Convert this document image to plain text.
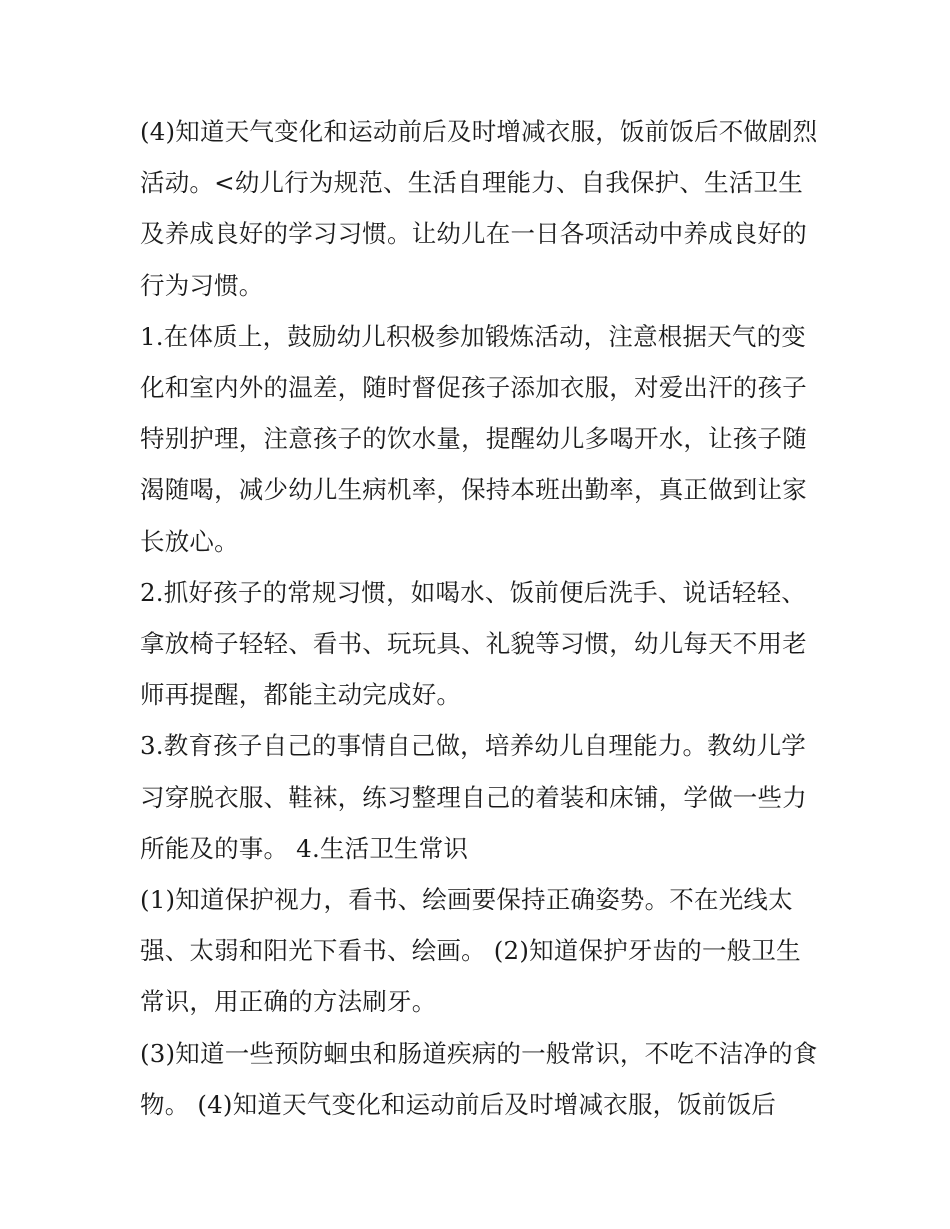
(4)知道天气变化和运动前后及时增减衣服，饭前饭后不做剧烈活动。<幼儿行为规范、生活自理能力、自我保护、生活卫生及养成良好的学习习惯。让幼儿在一日各项活动中养成良好的行为习惯。

1.在体质上，鼓励幼儿积极参加锻炼活动，注意根据天气的变化和室内外的温差，随时督促孩子添加衣服，对爱出汗的孩子特别护理，注意孩子的饮水量，提醒幼儿多喝开水，让孩子随渴随喝，减少幼儿生病机率，保持本班出勤率，真正做到让家长放心。

2.抓好孩子的常规习惯，如喝水、饭前便后洗手、说话轻轻、拿放椅子轻轻、看书、玩玩具、礼貌等习惯，幼儿每天不用老师再提醒，都能主动完成好。

3.教育孩子自己的事情自己做，培养幼儿自理能力。教幼儿学习穿脱衣服、鞋袜，练习整理自己的着装和床铺，学做一些力所能及的事。 4.生活卫生常识

(1)知道保护视力，看书、绘画要保持正确姿势。不在光线太强、太弱和阳光下看书、绘画。 (2)知道保护牙齿的一般卫生常识，用正确的方法刷牙。

(3)知道一些预防蛔虫和肠道疾病的一般常识，不吃不洁净的食物。 (4)知道天气变化和运动前后及时增减衣服，饭前饭后
